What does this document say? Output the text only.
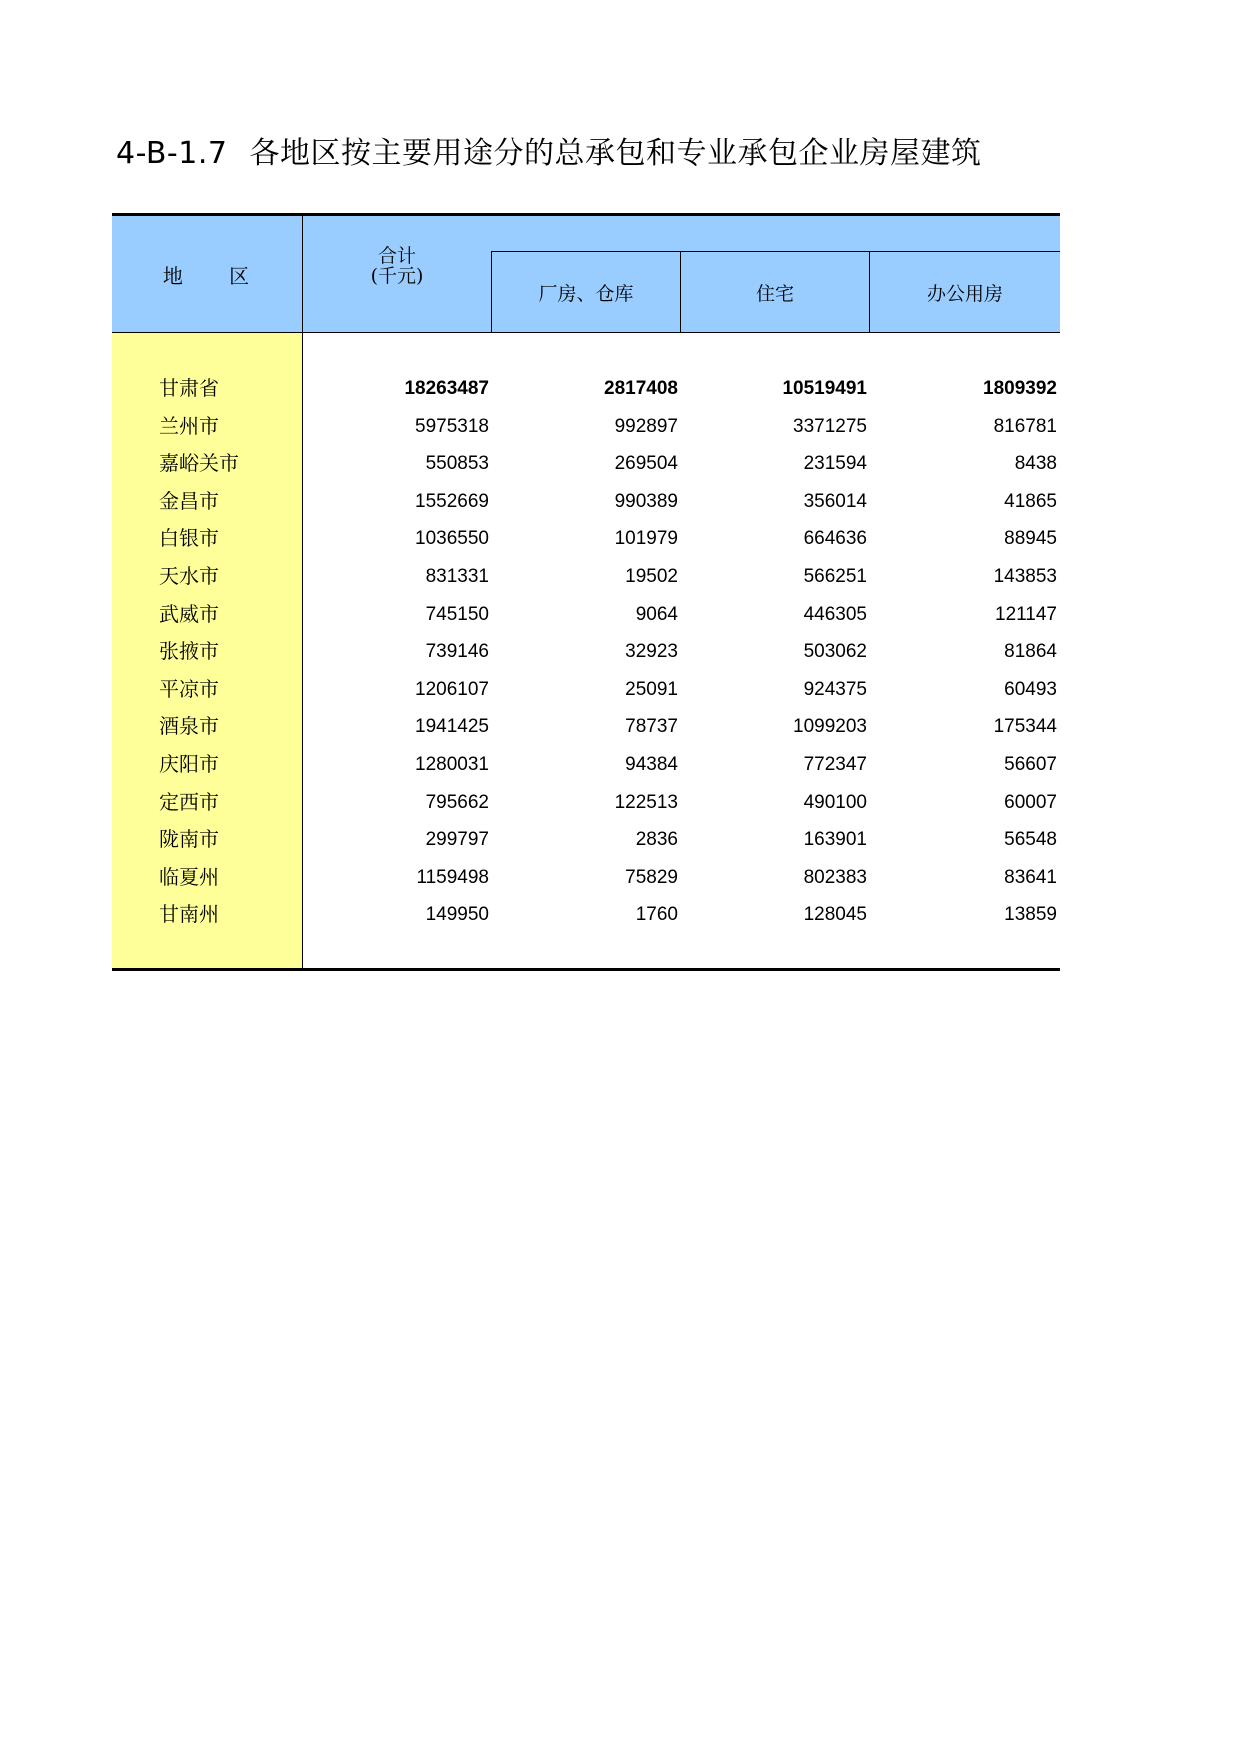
4-B-1.7 各地区按主要用途分的总承包和专业承包企业房屋建筑
地 区
合计
(千元)
厂房、仓库	住宅	办公用房
甘肃省	18263487	2817408	10519491	1809392
兰州市	5975318	992897	3371275	816781
嘉峪关市	550853	269504	231594	8438
金昌市	1552669	990389	356014	41865
白银市	1036550	101979	664636	88945
天水市	831331	19502	566251	143853
武威市	745150	9064	446305	121147
张掖市	739146	32923	503062	81864
平凉市	1206107	25091	924375	60493
酒泉市	1941425	78737	1099203	175344
庆阳市	1280031	94384	772347	56607
定西市	795662	122513	490100	60007
陇南市	299797	2836	163901	56548
临夏州	1159498	75829	802383	83641
甘南州	149950	1760	128045	13859
